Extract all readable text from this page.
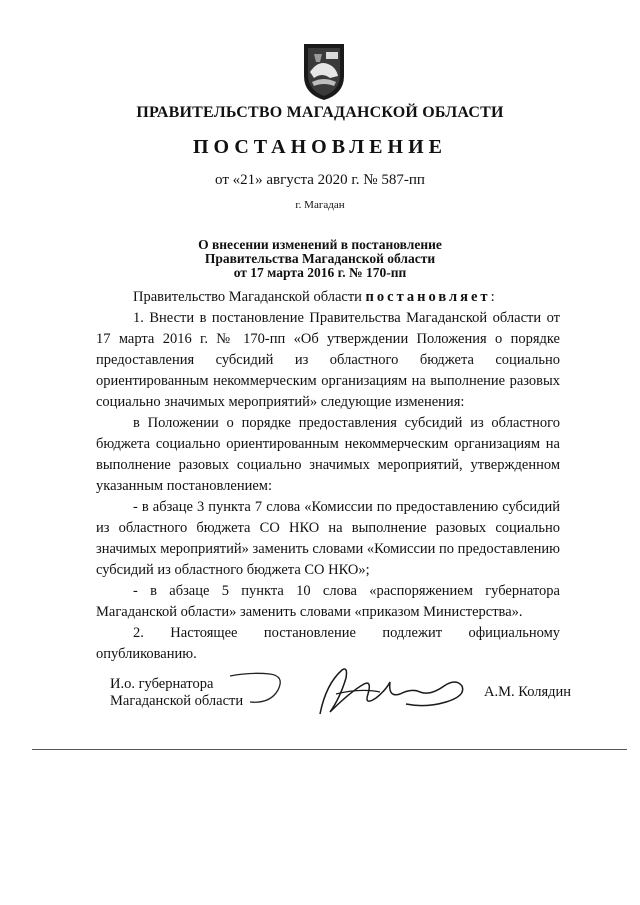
ПРАВИТЕЛЬСТВО МАГАДАНСКОЙ ОБЛАСТИ
ПОСТАНОВЛЕНИЕ
от «21» августа 2020 г. № 587-пп
г. Магадан
О внесении изменений в постановление
Правительства Магаданской области
от 17 марта 2016 г. № 170-пп

Правительство Магаданской области постановляет:

1. Внести в постановление Правительства Магаданской области от 17 марта 2016 г. № 170-пп «Об утверждении Положения о порядке предоставления субсидий из областного бюджета социально ориентированным некоммерческим организациям на выполнение разовых социально значимых мероприятий» следующие изменения:

в Положении о порядке предоставления субсидий из областного бюджета социально ориентированным некоммерческим организациям на выполнение разовых социально значимых мероприятий, утвержденном указанным постановлением:

- в абзаце 3 пункта 7 слова «Комиссии по предоставлению субсидий из областного бюджета СО НКО на выполнение разовых социально значимых мероприятий» заменить словами «Комиссии по предоставлению субсидий из областного бюджета СО НКО»;

- в абзаце 5 пункта 10 слова «распоряжением губернатора Магаданской области» заменить словами «приказом Министерства».

2. Настоящее постановление подлежит официальному опубликованию.

И.о. губернатора
Магаданской области
А.М. Колядин
